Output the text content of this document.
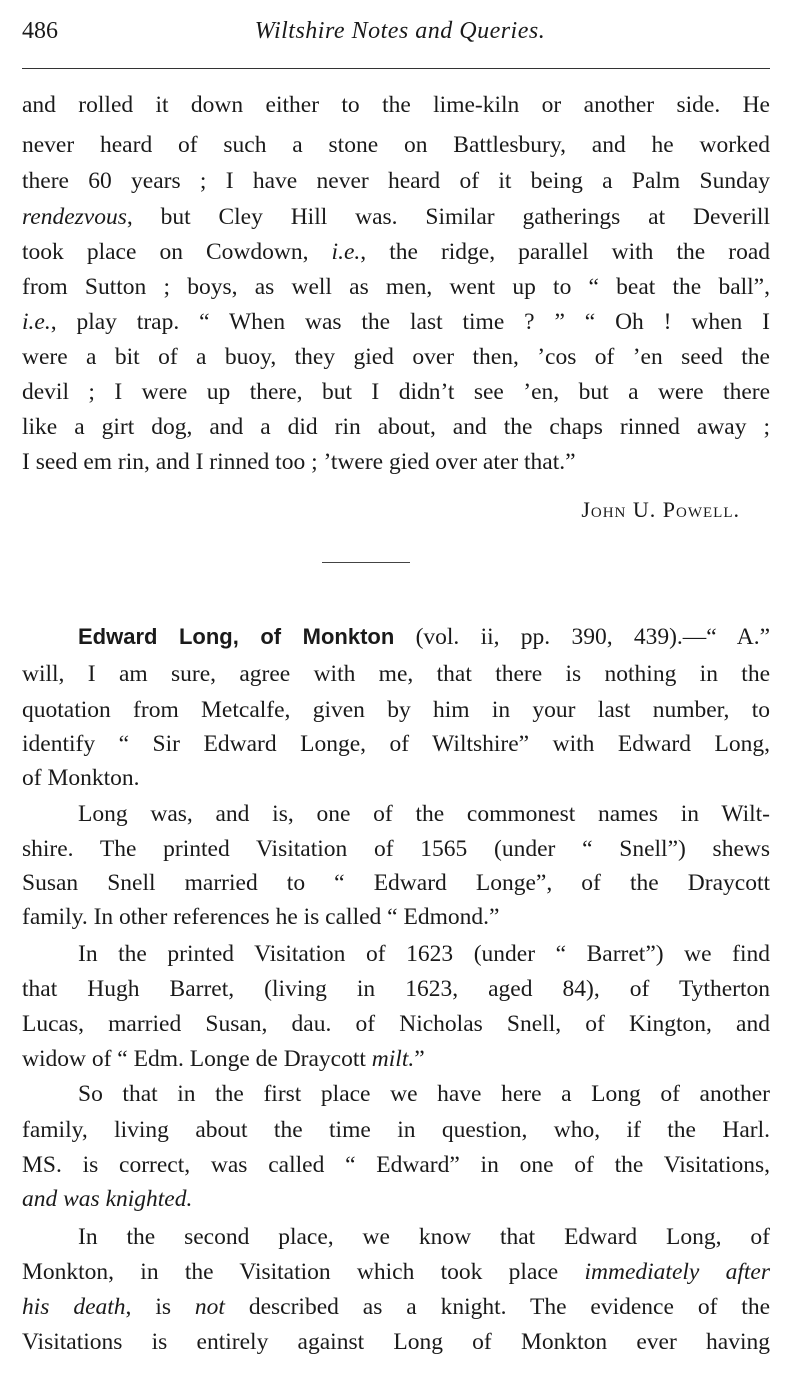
486	Wiltshire Notes and Queries.
and rolled it down either to the lime-kiln or another side. He
never heard of such a stone on Battlesbury, and he worked
there 60 years ; I have never heard of it being a Palm Sunday
rendezvous, but Cley Hill was. Similar gatherings at Deverill
took place on Cowdown, i.e., the ridge, parallel with the road
from Sutton ; boys, as well as men, went up to “ beat the ball”,
i.e., play trap. “ When was the last time ? ” “ Oh ! when I
were a bit of a buoy, they gied over then, ’cos of ’en seed the
devil ; I were up there, but I didn’t see ’en, but a were there
like a girt dog, and a did rin about, and the chaps rinned away ;
I seed em rin, and I rinned too ; ’twere gied over ater that.”
Edward Long, of Monkton (vol. ii, pp. 390, 439).—“ A.”
will, I am sure, agree with me, that there is nothing in the
quotation from Metcalfe, given by him in your last number, to
identify “ Sir Edward Longe, of Wiltshire” with Edward Long,
of Monkton.
Long was, and is, one of the commonest names in Wilt-
shire. The printed Visitation of 1565 (under “ Snell”) shews
Susan Snell married to “ Edward Longe”, of the Draycott
family. In other references he is called “ Edmond.”
In the printed Visitation of 1623 (under “ Barret”) we find
that Hugh Barret, (living in 1623, aged 84), of Tytherton
Lucas, married Susan, dau. of Nicholas Snell, of Kington, and
widow of “ Edm. Longe de Draycott milt.”
So that in the first place we have here a Long of another
family, living about the time in question, who, if the Harl.
MS. is correct, was called “ Edward” in one of the Visitations,
and was knighted.
In the second place, we know that Edward Long, of
Monkton, in the Visitation which took place immediately after
his death, is not described as a knight. The evidence of the
Visitations is entirely against Long of Monkton ever having
John U. Powell.
